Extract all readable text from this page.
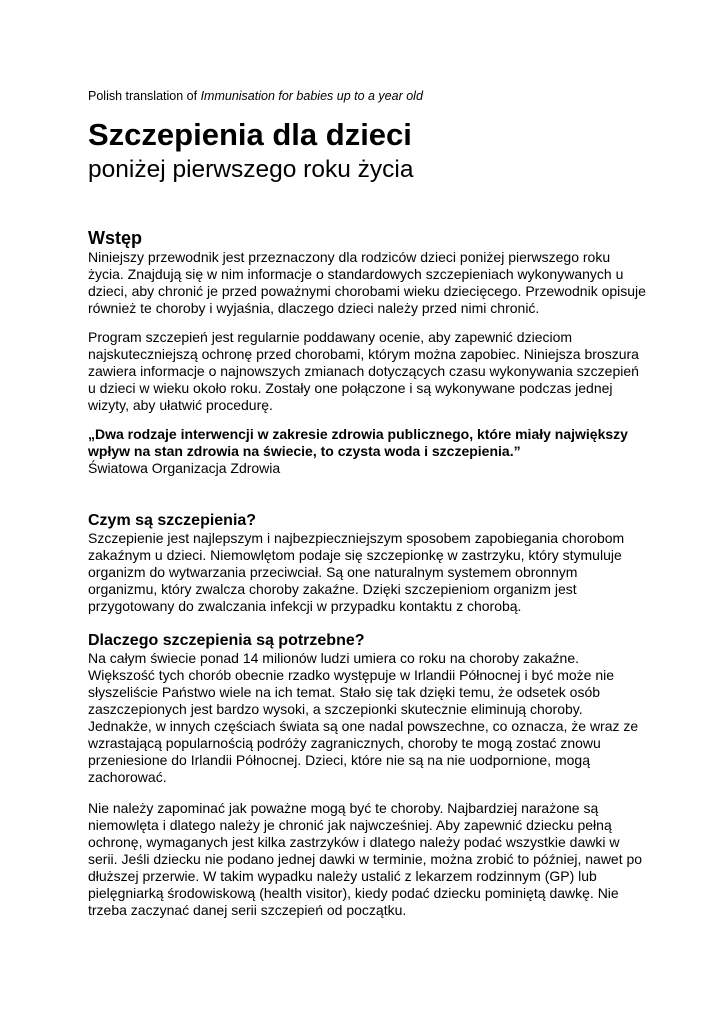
Polish translation of Immunisation for babies up to a year old
Szczepienia dla dzieci
poniżej pierwszego roku życia
Wstęp

Niniejszy przewodnik jest przeznaczony dla rodziców dzieci poniżej pierwszego roku życia. Znajdują się w nim informacje o standardowych szczepieniach wykonywanych u dzieci, aby chronić je przed poważnymi chorobami wieku dziecięcego. Przewodnik opisuje również te choroby i wyjaśnia, dlaczego dzieci należy przed nimi chronić.

Program szczepień jest regularnie poddawany ocenie, aby zapewnić dzieciom najskuteczniejszą ochronę przed chorobami, którym można zapobiec. Niniejsza broszura zawiera informacje o najnowszych zmianach dotyczących czasu wykonywania szczepień u dzieci w wieku około roku. Zostały one połączone i są wykonywane podczas jednej wizyty, aby ułatwić procedurę.

„Dwa rodzaje interwencji w zakresie zdrowia publicznego, które miały największy wpływ na stan zdrowia na świecie, to czysta woda i szczepienia.”

Światowa Organizacja Zdrowia

Czym są szczepienia?

Szczepienie jest najlepszym i najbezpieczniejszym sposobem zapobiegania chorobom zakaźnym u dzieci. Niemowlętom podaje się szczepionkę w zastrzyku, który stymuluje organizm do wytwarzania przeciwciał. Są one naturalnym systemem obronnym organizmu, który zwalcza choroby zakaźne. Dzięki szczepieniom organizm jest przygotowany do zwalczania infekcji w przypadku kontaktu z chorobą.

Dlaczego szczepienia są potrzebne?

Na całym świecie ponad 14 milionów ludzi umiera co roku na choroby zakaźne. Większość tych chorób obecnie rzadko występuje w Irlandii Północnej i być może nie słyszeliście Państwo wiele na ich temat. Stało się tak dzięki temu, że odsetek osób zaszczepionych jest bardzo wysoki, a szczepionki skutecznie eliminują choroby. Jednakże, w innych częściach świata są one nadal powszechne, co oznacza, że wraz ze wzrastającą popularnością podróży zagranicznych, choroby te mogą zostać znowu przeniesione do Irlandii Północnej. Dzieci, które nie są na nie uodpornione, mogą zachorować.

Nie należy zapominać jak poważne mogą być te choroby. Najbardziej narażone są niemowlęta i dlatego należy je chronić jak najwcześniej. Aby zapewnić dziecku pełną ochronę, wymaganych jest kilka zastrzyków i dlatego należy podać wszystkie dawki w serii. Jeśli dziecku nie podano jednej dawki w terminie, można zrobić to później, nawet po dłuższej przerwie. W takim wypadku należy ustalić z lekarzem rodzinnym (GP) lub pielęgniarką środowiskową (health visitor), kiedy podać dziecku pominiętą dawkę. Nie trzeba zaczynać danej serii szczepień od początku.
